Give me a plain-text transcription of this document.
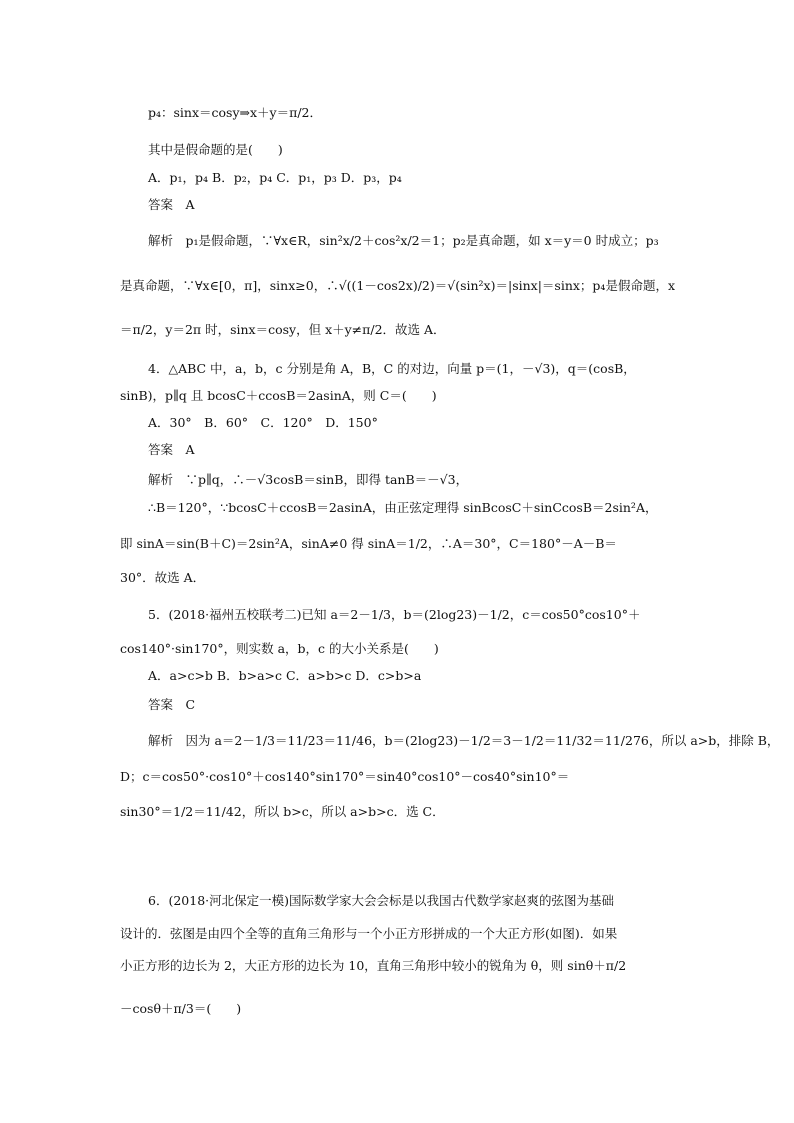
p₄：sinx＝cosy⇒x＋y＝π/2．
其中是假命题的是(　　)
A．p₁，p₄ B．p₂，p₄ C．p₁，p₃ D．p₃，p₄
答案　A
解析　p₁是假命题，∵∀x∈R，sin²x/2＋cos²x/2＝1；p₂是真命题，如 x＝y＝0 时成立；p₃
是真命题，∵∀x∈[0，π]，sinx≥0，∴√((1－cos2x)/2)＝√(sin²x)＝|sinx|＝sinx；p₄是假命题，x
＝π/2，y＝2π 时，sinx＝cosy，但 x＋y≠π/2．故选 A．
4．△ABC 中，a，b，c 分别是角 A，B，C 的对边，向量 p＝(1，－√3)，q＝(cosB，
sinB)，p∥q 且 bcosC＋ccosB＝2asinA，则 C＝(　　)
A．30°　B．60°　C．120°　D．150°
答案　A
解析　∵p∥q，∴－√3cosB＝sinB，即得 tanB＝－√3，
∴B＝120°，∵bcosC＋ccosB＝2asinA，由正弦定理得 sinBcosC＋sinCcosB＝2sin²A，
即 sinA＝sin(B＋C)＝2sin²A，sinA≠0 得 sinA＝1/2，∴A＝30°，C＝180°－A－B＝
30°．故选 A．
5．(2018·福州五校联考二)已知 a＝2－1/3，b＝(2log23)－1/2，c＝cos50°cos10°＋
cos140°·sin170°，则实数 a，b，c 的大小关系是(　　)
A．a>c>b B．b>a>c C．a>b>c D．c>b>a
答案　C
解析　因为 a＝2－1/3＝11/23＝11/46，b＝(2log23)－1/2＝3－1/2＝11/32＝11/276，所以 a>b，排除 B，
D；c＝cos50°·cos10°＋cos140°sin170°＝sin40°cos10°－cos40°sin10°＝
sin30°＝1/2＝11/42，所以 b>c，所以 a>b>c．选 C．
6．(2018·河北保定一模)国际数学家大会会标是以我国古代数学家赵爽的弦图为基础
设计的．弦图是由四个全等的直角三角形与一个小正方形拼成的一个大正方形(如图)．如果
小正方形的边长为 2，大正方形的边长为 10，直角三角形中较小的锐角为 θ，则 sinθ＋π/2
－cosθ＋π/3＝(　　)
